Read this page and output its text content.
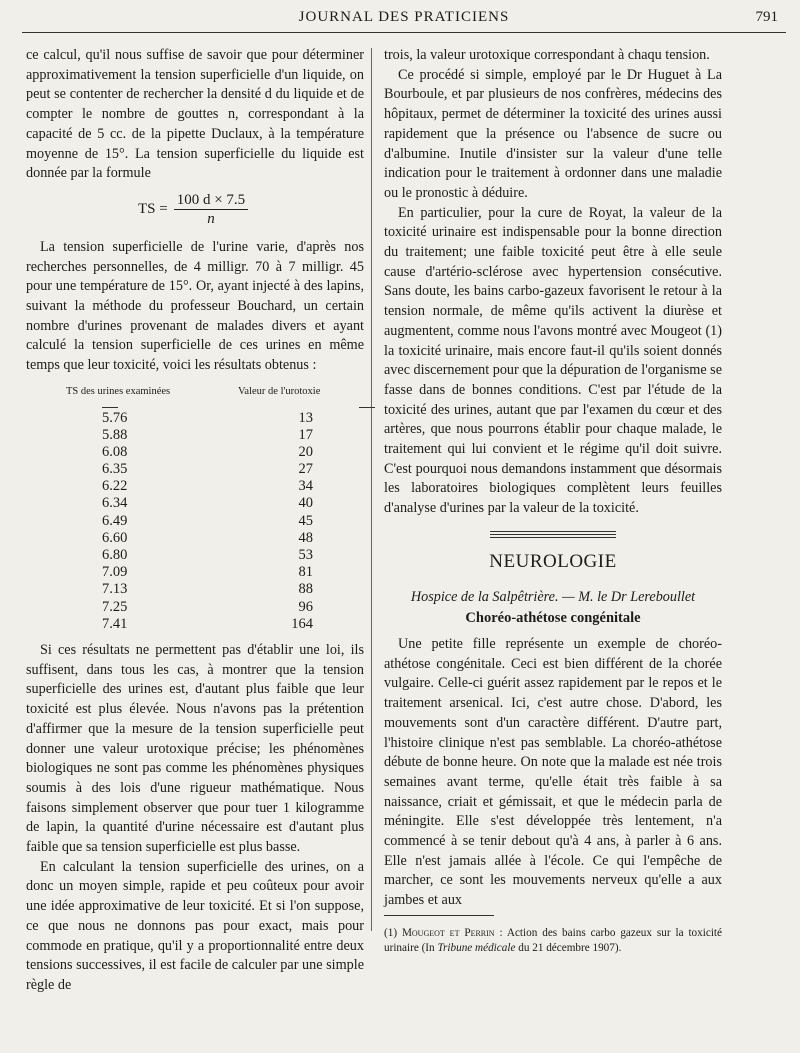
JOURNAL DES PRATICIENS	791

ce calcul, qu'il nous suffise de savoir que pour déterminer approximativement la tension superficielle d'un liquide, on peut se contenter de rechercher la densité d du liquide et de compter le nombre de gouttes n, correspondant à la capacité de 5 cc. de la pipette Duclaux, à la température moyenne de 15°. La tension superficielle du liquide est donnée par la formule

TS = $\frac{100 d \times 7.5}{n}$

La tension superficielle de l'urine varie, d'après nos recherches personnelles, de 4 milligr. 70 à 7 milligr. 45 pour une température de 15°. Or, ayant injecté à des lapins, suivant la méthode du professeur Bouchard, un certain nombre d'urines provenant de malades divers et ayant calculé la tension superficielle de ces urines en même temps que leur toxicité, voici les résultats obtenus :

TS des urines examinées	Valeur de l'urotoxie
5.76	13
5.88	17
6.08	20
6.35	27
6.22	34
6.34	40
6.49	45
6.60	48
6.80	53
7.09	81
7.13	88
7.25	96
7.41	164

Si ces résultats ne permettent pas d'établir une loi, ils suffisent, dans tous les cas, à montrer que la tension superficielle des urines est, d'autant plus faible que leur toxicité est plus élevée. Nous n'avons pas la prétention d'affirmer que la mesure de la tension superficielle peut donner une valeur urotoxique précise; les phénomènes biologiques ne sont pas comme les phénomènes physiques soumis à des lois d'une rigueur mathématique. Nous faisons simplement observer que pour tuer 1 kilogramme de lapin, la quantité d'urine nécessaire est d'autant plus faible que sa tension superficielle est plus basse.

En calculant la tension superficielle des urines, on a donc un moyen simple, rapide et peu coûteux pour avoir une idée approximative de leur toxicité. Et si l'on suppose, ce que nous ne donnons pas pour exact, mais pour commode en pratique, qu'il y a proportionnalité entre deux tensions successives, il est facile de calculer par une simple règle de

trois, la valeur urotoxique correspondant à chaqu tension.

Ce procédé si simple, employé par le Dr Huguet à La Bourboule, et par plusieurs de nos confrères, médecins des hôpitaux, permet de déterminer la toxicité des urines aussi rapidement que la présence ou l'absence de sucre ou d'albumine. Inutile d'insister sur la valeur d'une telle indication pour le traitement à ordonner dans une maladie ou le pronostic à déduire.

En particulier, pour la cure de Royat, la valeur de la toxicité urinaire est indispensable pour la bonne direction du traitement; une faible toxicité peut être à elle seule cause d'artério-sclérose avec hypertension consécutive. Sans doute, les bains carbo-gazeux favorisent le retour à la tension normale, de même qu'ils activent la diurèse et augmentent, comme nous l'avons montré avec Mougeot (1) la toxicité urinaire, mais encore faut-il qu'ils soient donnés avec discernement pour que la dépuration de l'organisme se fasse dans de bonnes conditions. C'est par l'étude de la toxicité des urines, autant que par l'examen du cœur et des artères, que nous pourrons établir pour chaque malade, le traitement qui lui convient et le régime qu'il doit suivre. C'est pourquoi nous demandons instamment que désormais les laboratoires biologiques complètent leurs feuilles d'analyse d'urines par la valeur de la toxicité.

NEUROLOGIE
Hospice de la Salpêtrière. — M. le Dr Lereboullet
Choréo-athétose congénitale

Une petite fille représente un exemple de choréo-athétose congénitale. Ceci est bien différent de la chorée vulgaire. Celle-ci guérit assez rapidement par le repos et le traitement arsenical. Ici, c'est autre chose. D'abord, les mouvements sont d'un caractère différent. D'autre part, l'histoire clinique n'est pas semblable. La choréo-athétose débute de bonne heure. On note que la malade est née trois semaines avant terme, qu'elle était très faible à sa naissance, criait et gémissait, et que le médecin parla de méningite. Elle s'est développée très lentement, n'a commencé à se tenir debout qu'à 4 ans, à parler à 6 ans. Elle n'est jamais allée à l'école. Ce qui l'empêche de marcher, ce sont les mouvements nerveux qu'elle a aux jambes et aux

(1) Mougeot et Perrin : Action des bains carbo gazeux sur la toxicité urinaire (In Tribune médicale du 21 décembre 1907).
